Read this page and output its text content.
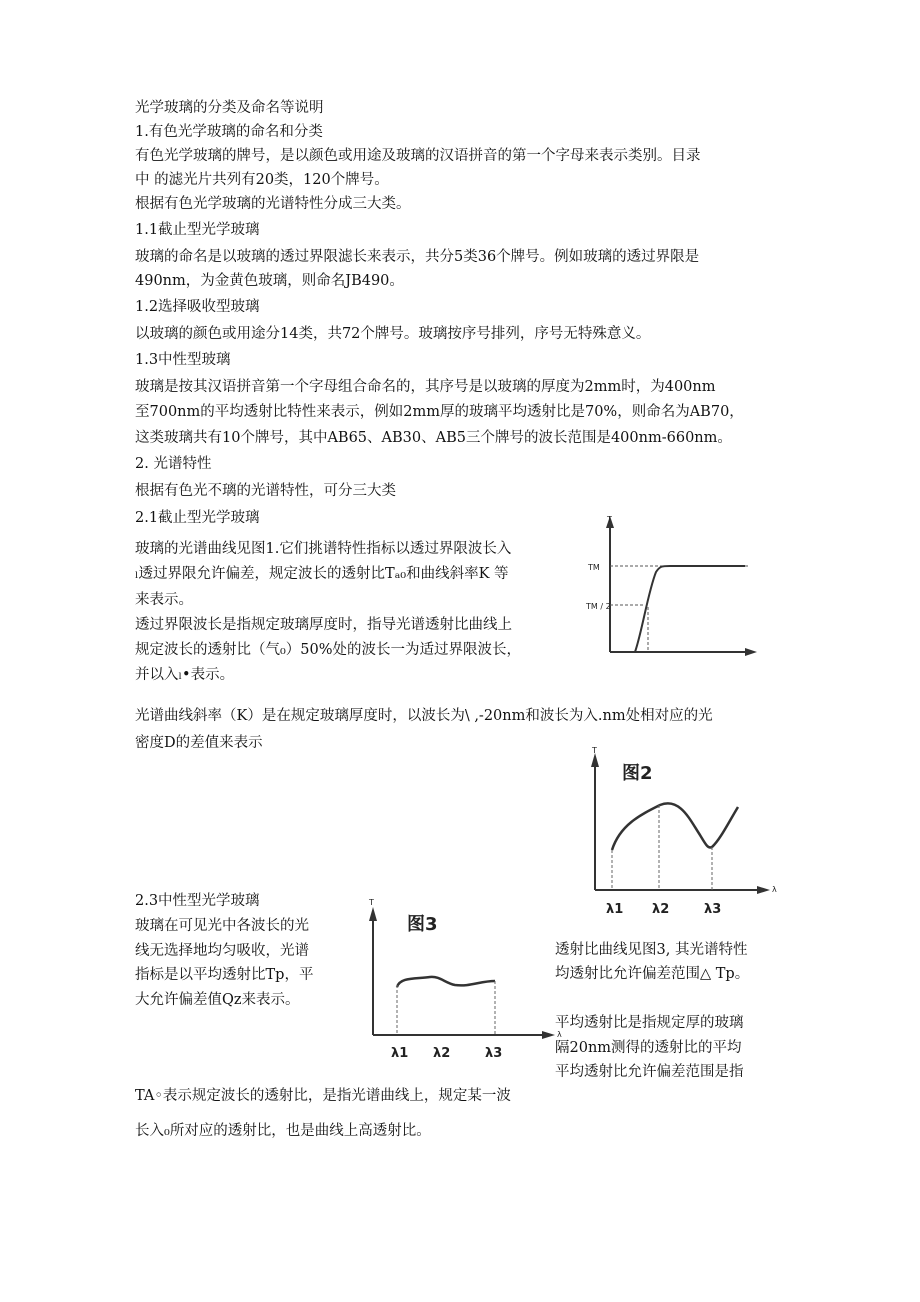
光学玻璃的分类及命名等说明
1.有色光学玻璃的命名和分类
有色光学玻璃的牌号，是以颜色或用途及玻璃的汉语拼音的第一个字母来表示类别。目录
中 的滤光片共列有20类，120个牌号。
根据有色光学玻璃的光谱特性分成三大类。
1.1截止型光学玻璃
玻璃的命名是以玻璃的透过界限滤长来表示，共分5类36个牌号。例如玻璃的透过界限是
490nm，为金黄色玻璃，则命名JB490。
1.2选择吸收型玻璃
以玻璃的颜色或用途分14类，共72个牌号。玻璃按序号排列，序号无特殊意义。
1.3中性型玻璃
玻璃是按其汉语拼音第一个字母组合命名的，其序号是以玻璃的厚度为2mm时，为400nm
至700nm的平均透射比特性来表示，例如2mm厚的玻璃平均透射比是70%，则命名为AB70，
这类玻璃共有10个牌号，其中AB65、AB30、AB5三个牌号的波长范围是400nm-660nm。
2. 光谱特性
根据有色光不璃的光谱特性，可分三大类
2.1截止型光学玻璃
玻璃的光谱曲线见图1.它们挑谱特性指标以透过界限波长入
ₗ透过界限允许偏差，规定波长的透射比Tₐ₀和曲线斜率K 等
来表示。
透过界限波长是指规定玻璃厚度时，指导光谱透射比曲线上
规定波长的透射比（气₀）50%处的波长一为适过界限波长，
并以入ₗ•表示。
光谱曲线斜率（K）是在规定玻璃厚度时，以波长为\ ,-20nm和波长为入.nm处相对应的光
密度D的差值来表示
2.3中性型光学玻璃
玻璃在可见光中各波长的光
线无选择地均匀吸收，光谱
指标是以平均透射比Tp，平
大允许偏差值Qz来表示。
TA◦表示规定波长的透射比，是指光谱曲线上，规定某一波
长入₀所对应的透射比，也是曲线上高透射比。
透射比曲线见图3, 其光谱特性
均透射比允许偏差范围△ Tp。
平均透射比是指规定厚的玻璃
隔20nm测得的透射比的平均
平均透射比允许偏差范围是指
T
TM
TM / 2
T
λ
图2
λ1 λ2	λ3
T
λ
图3
λ1 λ2	λ3
